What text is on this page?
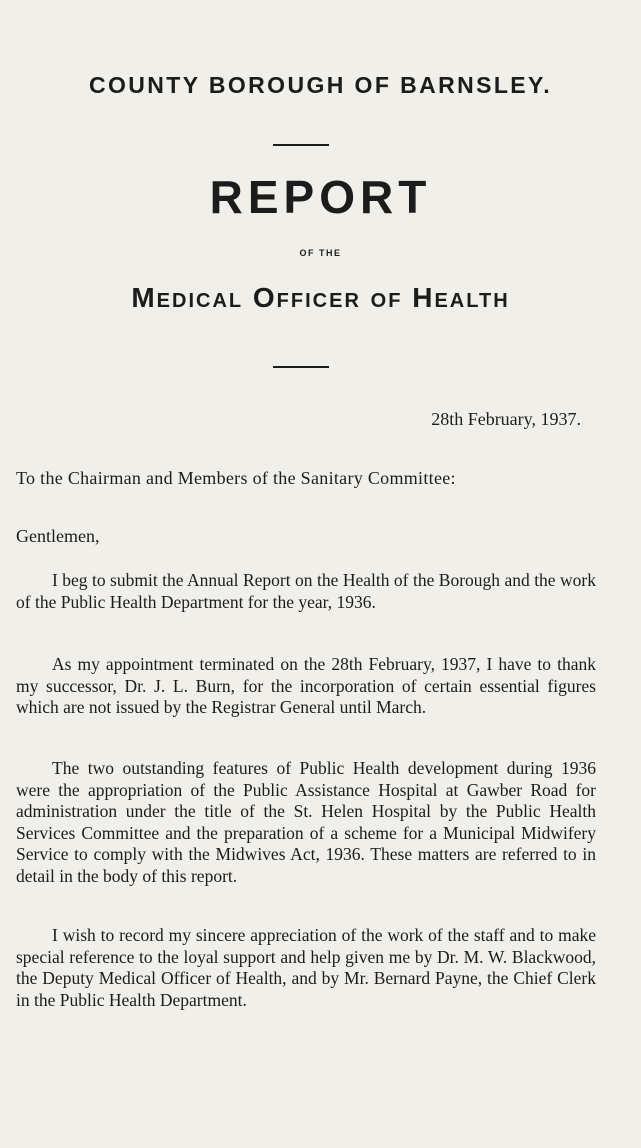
COUNTY BOROUGH OF BARNSLEY.
REPORT
OF THE
Medical Officer of Health
28th February, 1937.
To the Chairman and Members of the Sanitary Committee:
Gentlemen,

I beg to submit the Annual Report on the Health of the Borough and the work of the Public Health Department for the year, 1936.

As my appointment terminated on the 28th February, 1937, I have to thank my successor, Dr. J. L. Burn, for the incorporation of certain essential figures which are not issued by the Registrar General until March.

The two outstanding features of Public Health development during 1936 were the appropriation of the Public Assistance Hospital at Gawber Road for administration under the title of the St. Helen Hospital by the Public Health Services Committee and the preparation of a scheme for a Municipal Midwifery Service to comply with the Midwives Act, 1936. These matters are referred to in detail in the body of this report.

I wish to record my sincere appreciation of the work of the staff and to make special reference to the loyal support and help given me by Dr. M. W. Blackwood, the Deputy Medical Officer of Health, and by Mr. Bernard Payne, the Chief Clerk in the Public Health Department.
